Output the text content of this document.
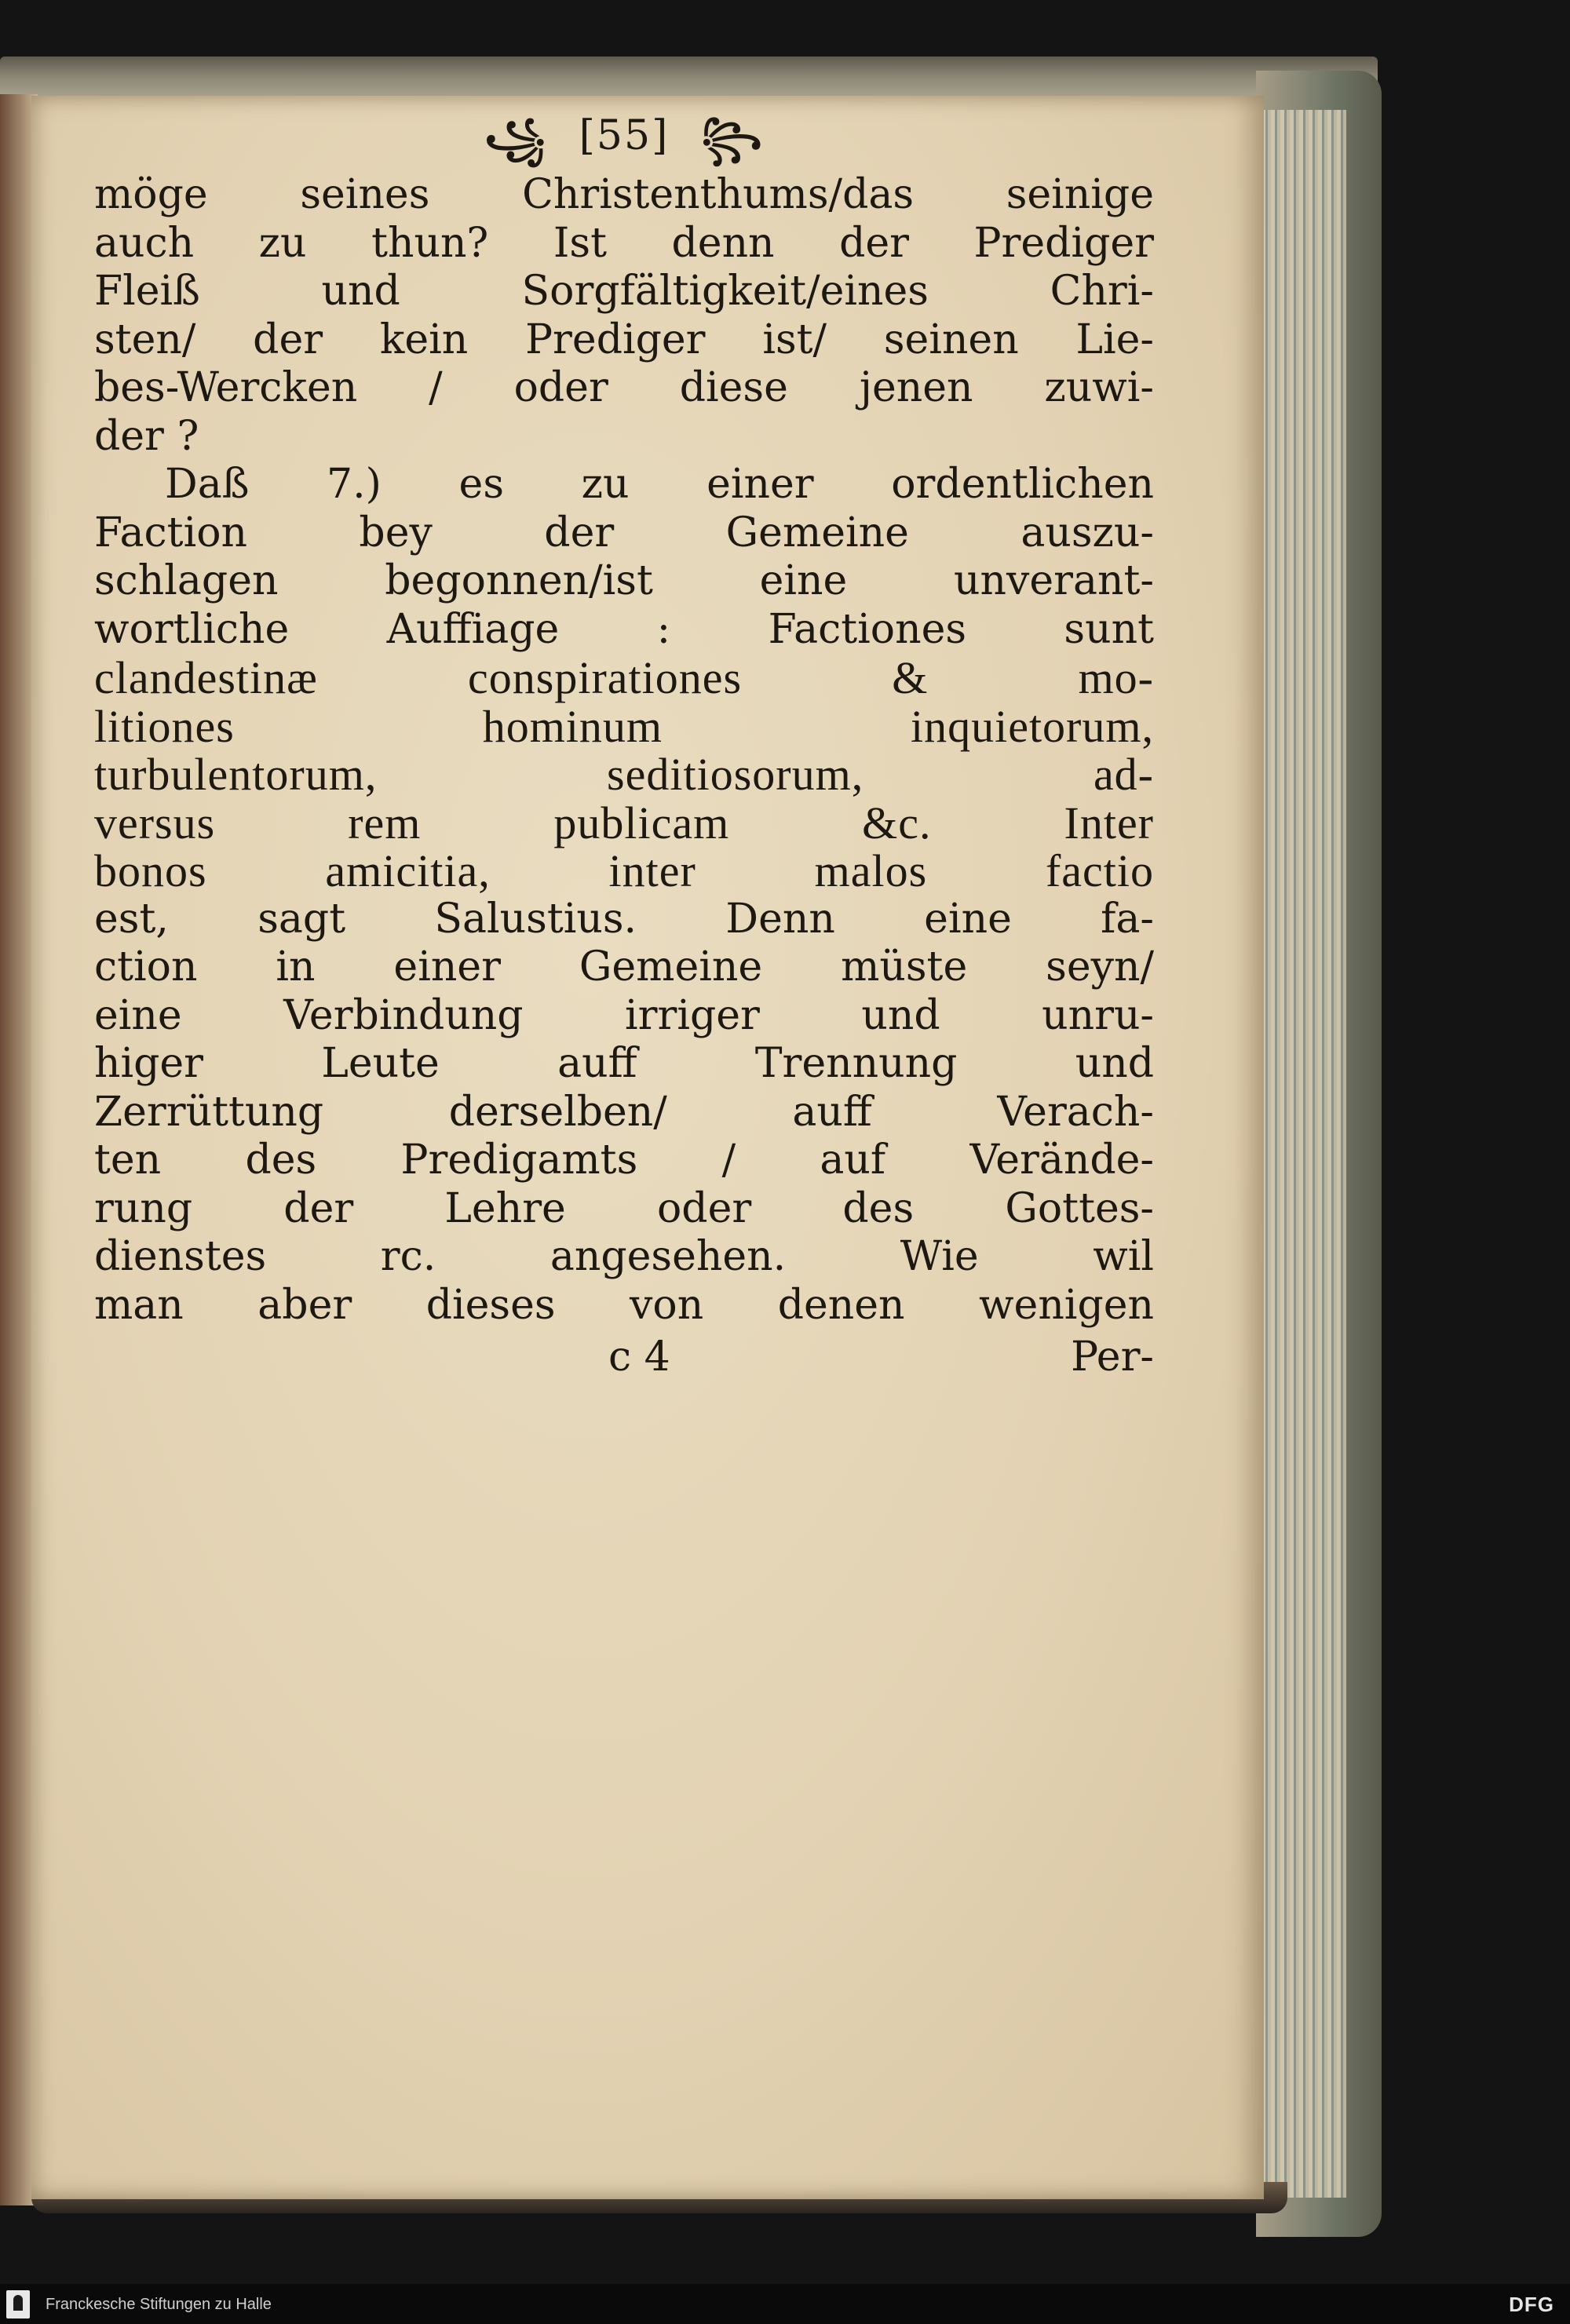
꧁ [55] ꧂
möge seines Christenthums/das seinige
auch zu thun? Ist denn der Prediger
Fleiß und Sorgfältigkeit/eines Chri-
sten/ der kein Prediger ist/ seinen Lie-
bes-Wercken / oder diese jenen zuwi-
der ?
Daß 7.) es zu einer ordentlichen
Faction bey der Gemeine auszu-
schlagen begonnen/ist eine unverant-
wortliche Auffiage : Factiones sunt
clandestinæ conspirationes & mo-
litiones hominum inquietorum,
turbulentorum, seditiosorum, ad-
versus rem publicam &c. Inter
bonos amicitia, inter malos factio
est, sagt Salustius. Denn eine fa-
ction in einer Gemeine müste seyn/
eine Verbindung irriger und unru-
higer Leute auff Trennung und
Zerrüttung derselben/ auff Verach-
ten des Predigamts / auf Verände-
rung der Lehre oder des Gottes-
dienstes rc. angesehen. Wie wil
man aber dieses von denen wenigen
c 4	Per-
Franckesche Stiftungen zu Halle	DFG
